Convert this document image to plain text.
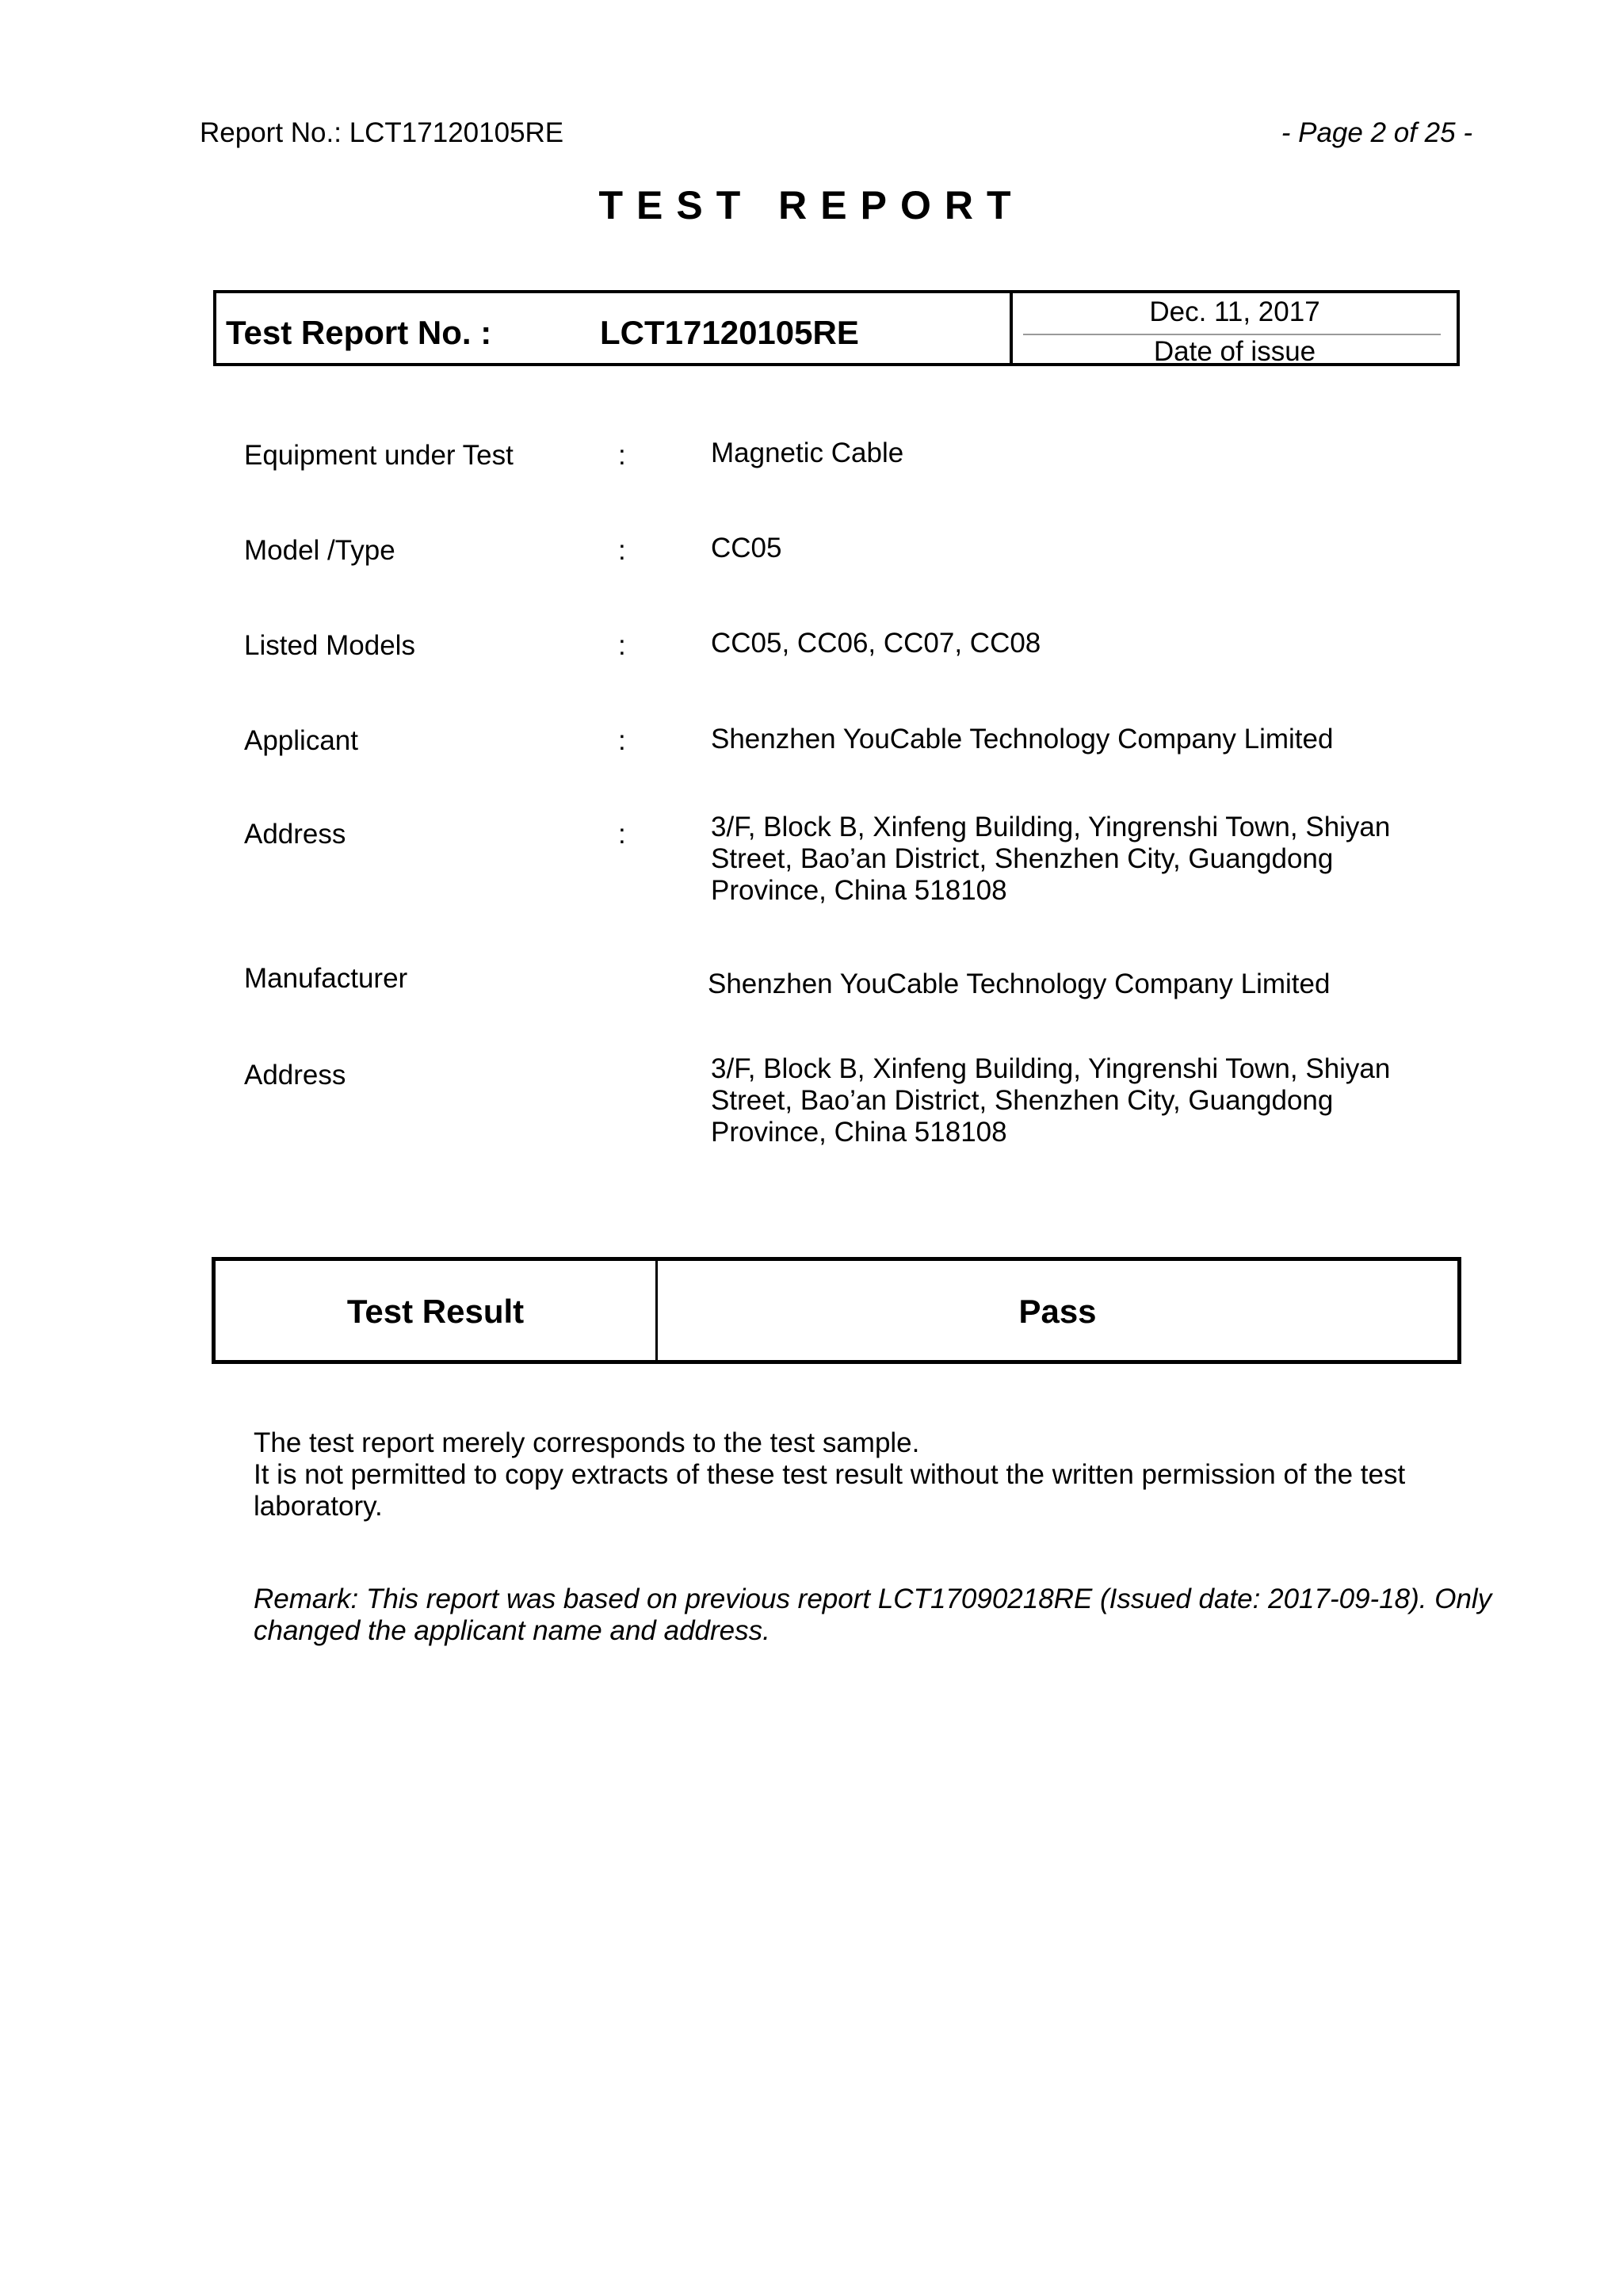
Report No.: LCT17120105RE	- Page 2 of 25 -
TEST REPORT
Test Report No. :	LCT17120105RE
Dec. 11, 2017
Date of issue
Equipment under Test	:	Magnetic Cable
Model /Type	:	CC05
Listed Models	:	CC05, CC06, CC07, CC08
Applicant	:	Shenzhen YouCable Technology Company Limited
Address	:	3/F, Block B, Xinfeng Building, Yingrenshi Town, Shiyan
Street, Bao’an District, Shenzhen City, Guangdong
Province, China 518108
Manufacturer	Shenzhen YouCable Technology Company Limited
Address	3/F, Block B, Xinfeng Building, Yingrenshi Town, Shiyan
Street, Bao’an District, Shenzhen City, Guangdong
Province, China 518108
Test Result	Pass
The test report merely corresponds to the test sample.
It is not permitted to copy extracts of these test result without the written permission of the test
laboratory.
Remark: This report was based on previous report LCT17090218RE (Issued date: 2017-09-18). Only
changed the applicant name and address.
